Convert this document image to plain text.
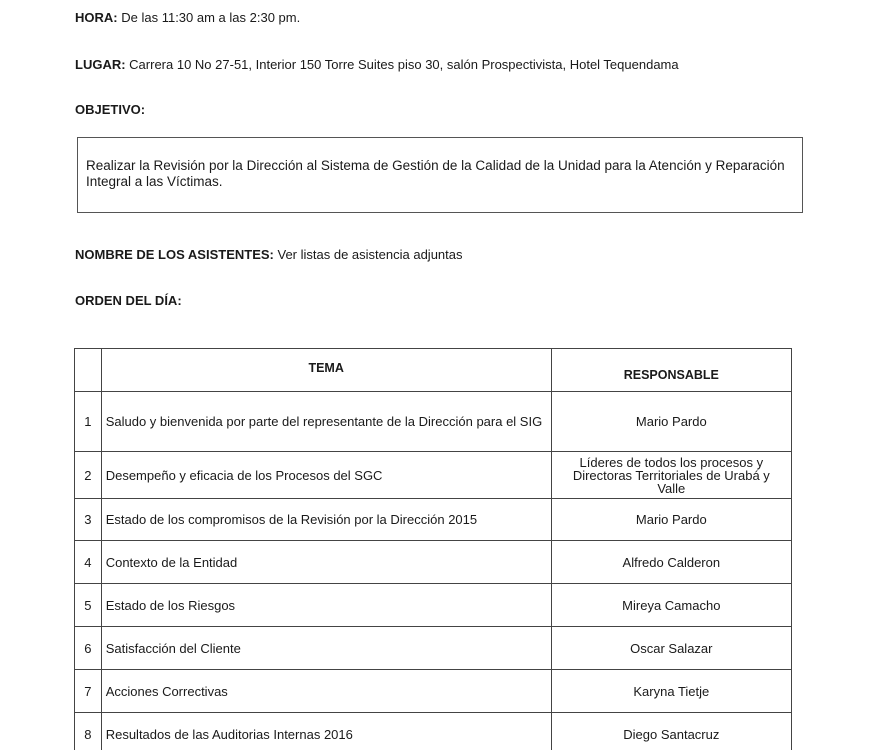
HORA: De las 11:30 am a las 2:30 pm.
LUGAR: Carrera 10 No 27-51, Interior 150 Torre Suites piso 30, salón Prospectivista, Hotel Tequendama
OBJETIVO:
Realizar la Revisión por la Dirección al Sistema de Gestión de la Calidad de la Unidad para la Atención y Reparación Integral a las Víctimas.
NOMBRE DE LOS ASISTENTES: Ver listas de asistencia adjuntas
ORDEN DEL DÍA:
	TEMA	RESPONSABLE
1	Saludo y bienvenida por parte del representante de la Dirección para el SIG	Mario Pardo
2	Desempeño y eficacia de los Procesos del SGC	Líderes de todos los procesos y Directoras Territoriales de Urabá y Valle
3	Estado de los compromisos de la Revisión por la Dirección 2015	Mario Pardo
4	Contexto de la Entidad	Alfredo Calderon
5	Estado de los Riesgos	Mireya Camacho
6	Satisfacción del Cliente	Oscar Salazar
7	Acciones Correctivas	Karyna Tietje
8	Resultados de las Auditorias Internas 2016	Diego Santacruz
